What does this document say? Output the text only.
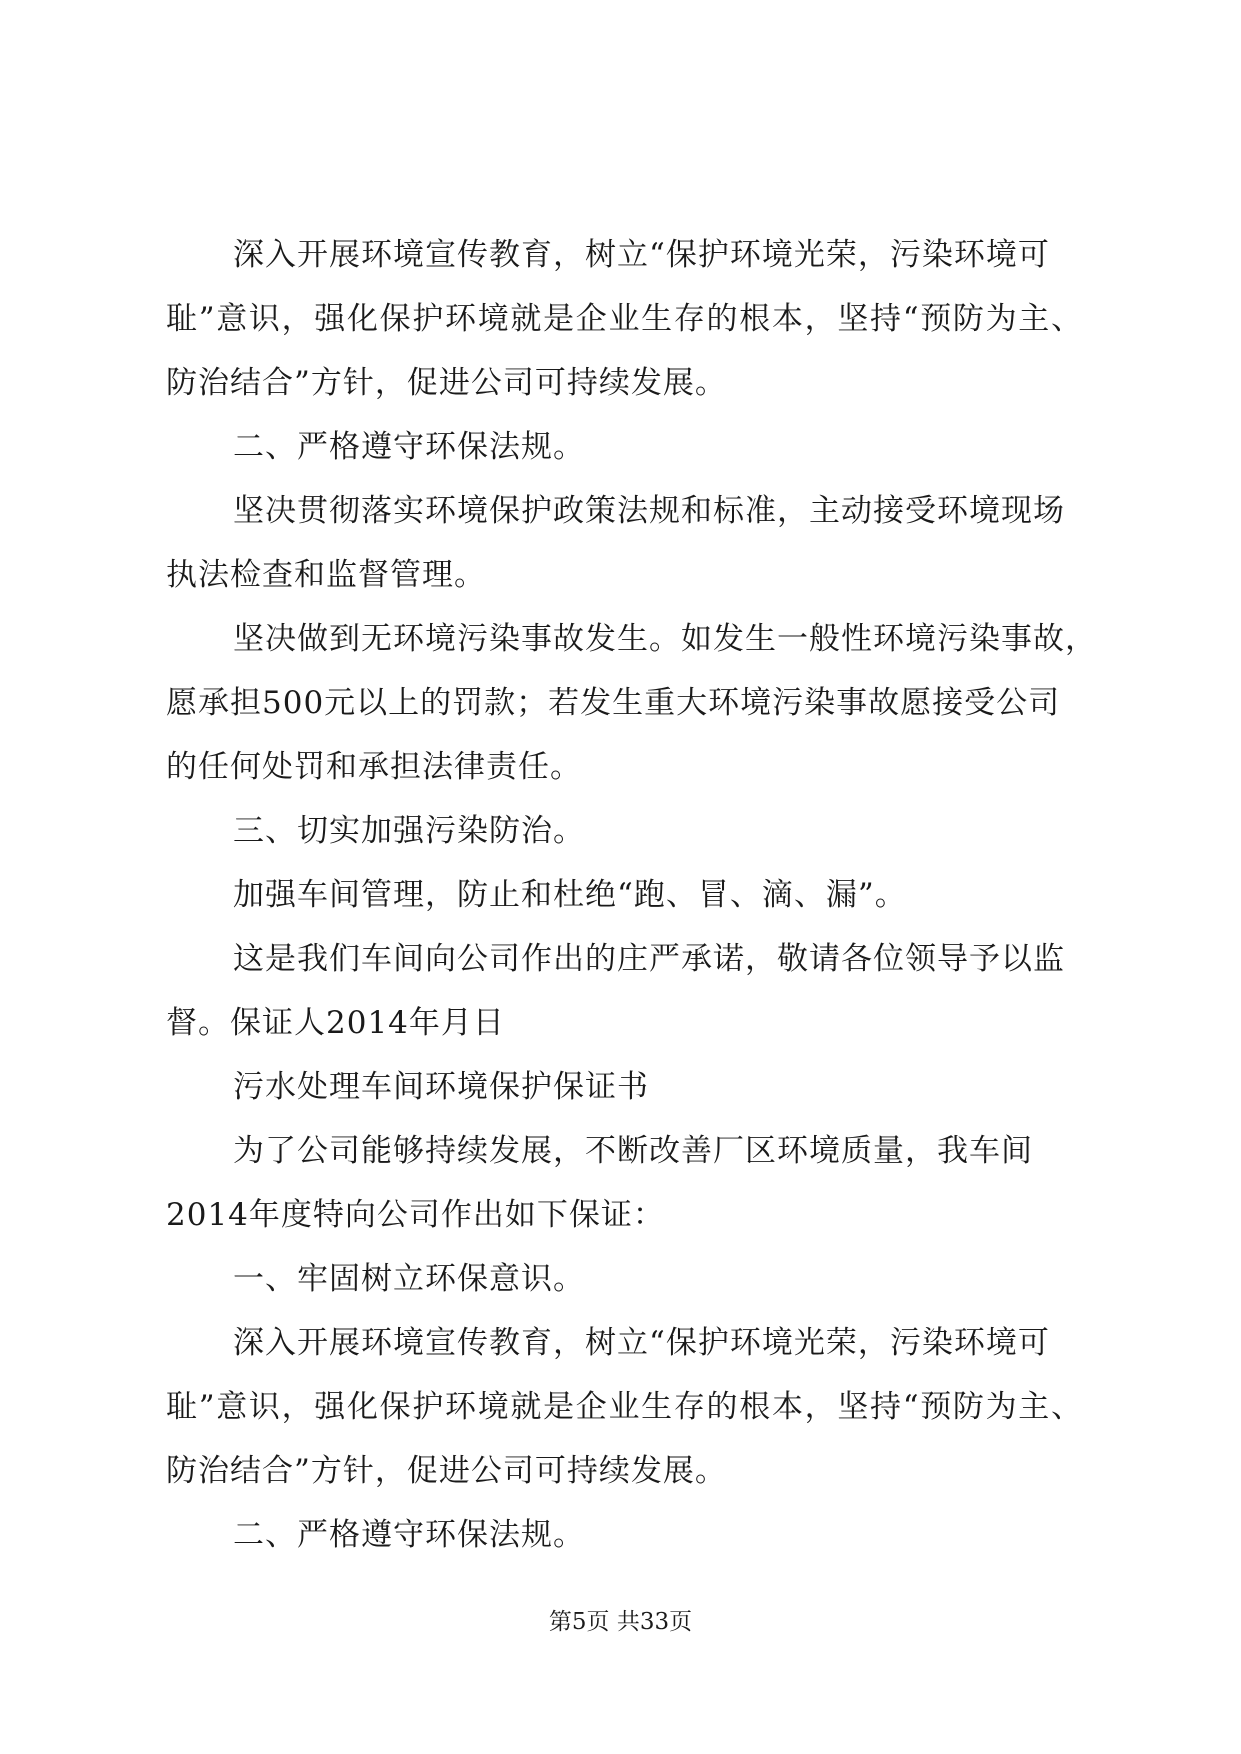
深入开展环境宣传教育，树立“保护环境光荣，污染环境可
耻”意识，强化保护环境就是企业生存的根本，坚持“预防为主、
防治结合”方针，促进公司可持续发展。
二、严格遵守环保法规。
坚决贯彻落实环境保护政策法规和标准，主动接受环境现场
执法检查和监督管理。
坚决做到无环境污染事故发生。如发生一般性环境污染事故，
愿承担500元以上的罚款；若发生重大环境污染事故愿接受公司
的任何处罚和承担法律责任。
三、切实加强污染防治。
加强车间管理，防止和杜绝“跑、冒、滴、漏”。
这是我们车间向公司作出的庄严承诺，敬请各位领导予以监
督。保证人2014年月日
污水处理车间环境保护保证书
为了公司能够持续发展，不断改善厂区环境质量，我车间
2014年度特向公司作出如下保证：
一、牢固树立环保意识。
深入开展环境宣传教育，树立“保护环境光荣，污染环境可
耻”意识，强化保护环境就是企业生存的根本，坚持“预防为主、
防治结合”方针，促进公司可持续发展。
二、严格遵守环保法规。
第5页 共33页
